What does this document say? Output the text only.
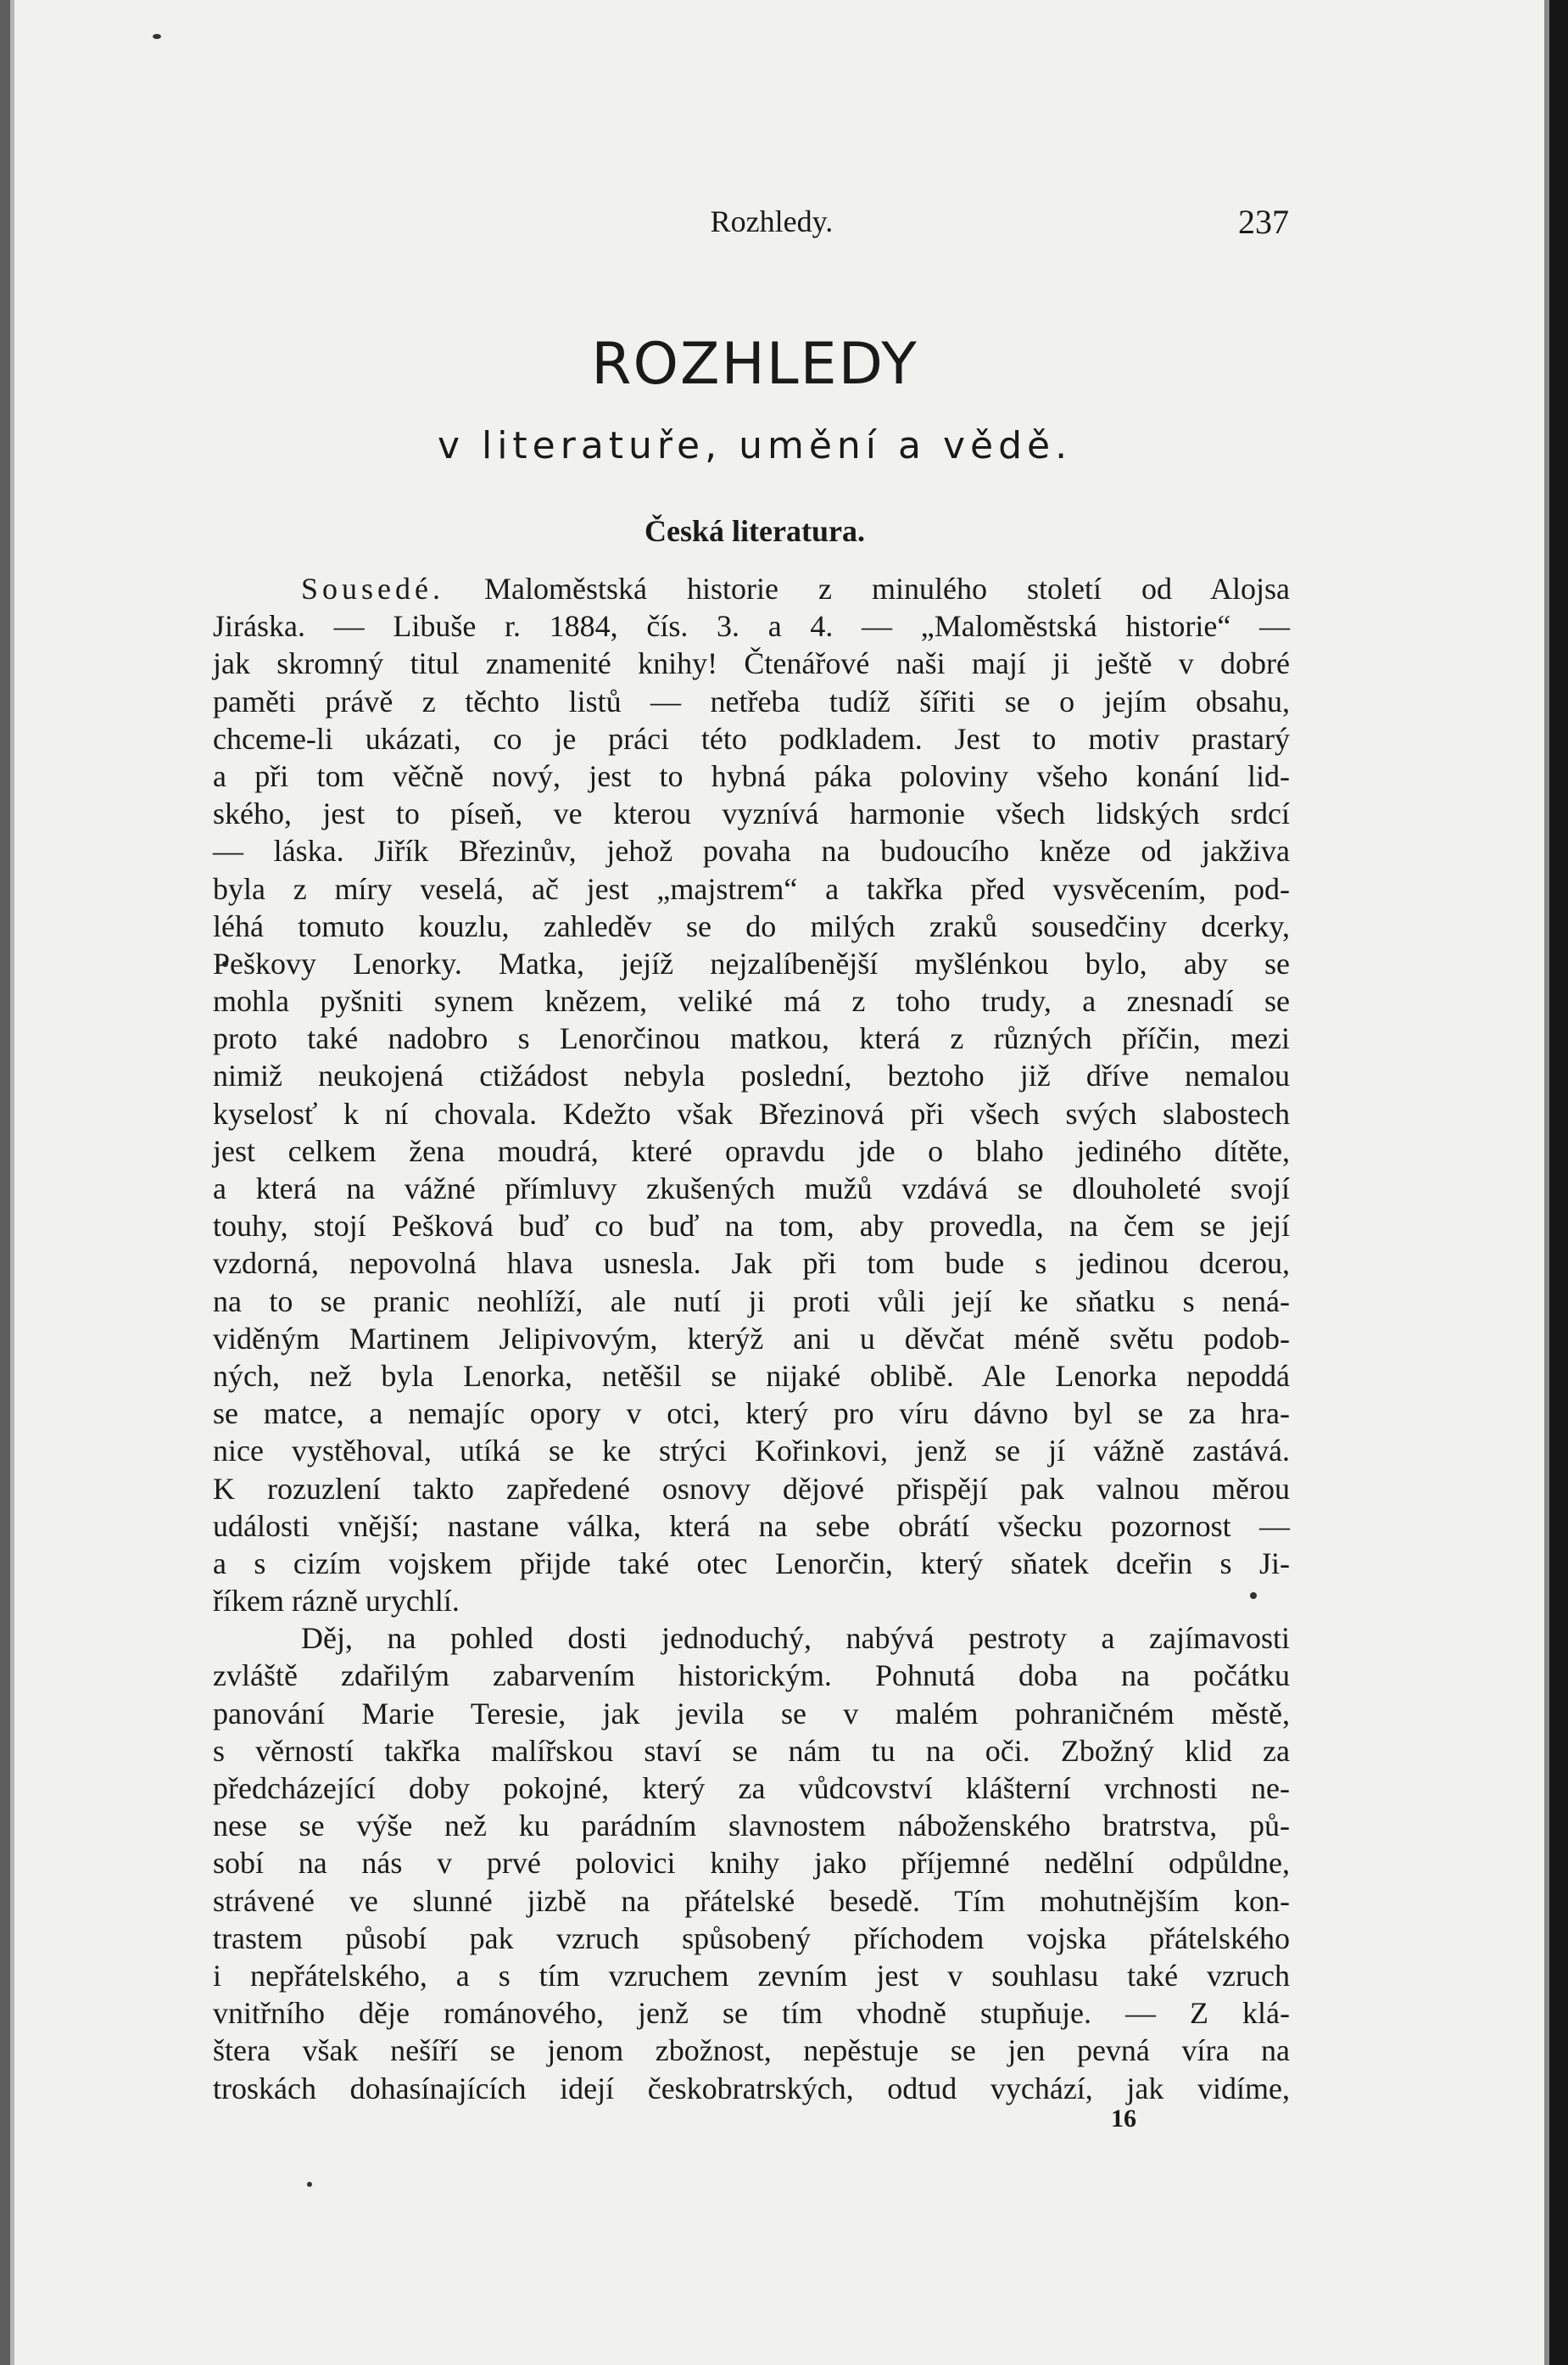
Rozhledy.	237
ROZHLEDY
v literatuře, umění a vědě.
Česká literatura.
Sousedé. Maloměstská historie z minulého století od Alojsa
Jiráska. — Libuše r. 1884, čís. 3. a 4. — „Maloměstská historie“ —
jak skromný titul znamenité knihy! Čtenářové naši mají ji ještě v dobré
paměti právě z těchto listů — netřeba tudíž šířiti se o jejím obsahu,
chceme-li ukázati, co je práci této podkladem. Jest to motiv prastarý
a při tom věčně nový, jest to hybná páka poloviny všeho konání lid-
ského, jest to píseň, ve kterou vyznívá harmonie všech lidských srdcí
— láska. Jiřík Březinův, jehož povaha na budoucího kněze od jakživa
byla z míry veselá, ač jest „majstrem“ a takřka před vysvěcením, pod-
léhá tomuto kouzlu, zahleděv se do milých zraků sousedčiny dcerky,
Peškovy Lenorky. Matka, jejíž nejzalíbenější myšlénkou bylo, aby se
mohla pyšniti synem knězem, veliké má z toho trudy, a znesnadí se
proto také nadobro s Lenorčinou matkou, která z různých příčin, mezi
nimiž neukojená ctižádost nebyla poslední, beztoho již dříve nemalou
kyselosť k ní chovala. Kdežto však Březinová při všech svých slabostech
jest celkem žena moudrá, které opravdu jde o blaho jediného dítěte,
a která na vážné přímluvy zkušených mužů vzdává se dlouholeté svojí
touhy, stojí Pešková buď co buď na tom, aby provedla, na čem se její
vzdorná, nepovolná hlava usnesla. Jak při tom bude s jedinou dcerou,
na to se pranic neohlíží, ale nutí ji proti vůli její ke sňatku s nená-
viděným Martinem Jelipivovým, kterýž ani u děvčat méně světu podob-
ných, než byla Lenorka, netěšil se nijaké oblibě. Ale Lenorka nepoddá
se matce, a nemajíc opory v otci, který pro víru dávno byl se za hra-
nice vystěhoval, utíká se ke strýci Kořinkovi, jenž se jí vážně zastává.
K rozuzlení takto zapředené osnovy dějové přispějí pak valnou měrou
události vnější; nastane válka, která na sebe obrátí všecku pozornost —
a s cizím vojskem přijde také otec Lenorčin, který sňatek dceřin s Ji-
říkem rázně urychlí.
Děj, na pohled dosti jednoduchý, nabývá pestroty a zajímavosti
zvláště zdařilým zabarvením historickým. Pohnutá doba na počátku
panování Marie Teresie, jak jevila se v malém pohraničném městě,
s věrností takřka malířskou staví se nám tu na oči. Zbožný klid za
předcházející doby pokojné, který za vůdcovství klášterní vrchnosti ne-
nese se výše než ku parádním slavnostem náboženského bratrstva, pů-
sobí na nás v prvé polovici knihy jako příjemné nedělní odpůldne,
strávené ve slunné jizbě na přátelské besedě. Tím mohutnějším kon-
trastem působí pak vzruch spůsobený příchodem vojska přátelského
i nepřátelského, a s tím vzruchem zevním jest v souhlasu také vzruch
vnitřního děje románového, jenž se tím vhodně stupňuje. — Z klá-
štera však nešíří se jenom zbožnost, nepěstuje se jen pevná víra na
troskách dohasínajících idejí českobratrských, odtud vychází, jak vidíme,
16
